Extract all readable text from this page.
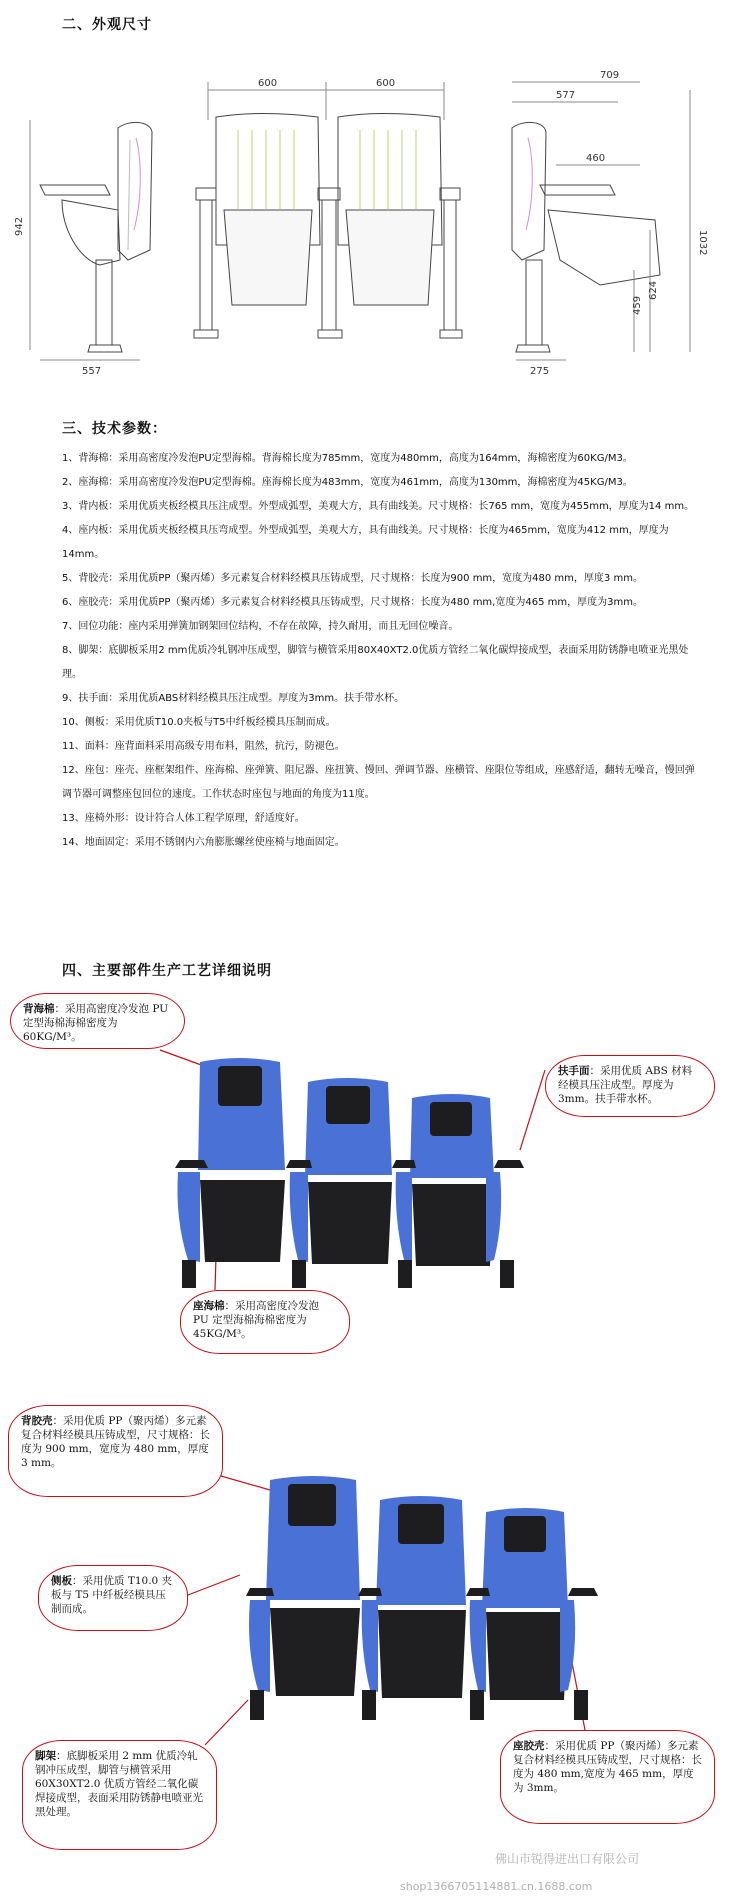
二、外观尺寸
600	600
942
557
709
577
460
1032
624
459
275
三、技术参数：
1、背海棉：采用高密度冷发泡PU定型海棉。背海棉长度为785mm，宽度为480mm，高度为164mm，海棉密度为60KG/M3。
2、座海棉：采用高密度冷发泡PU定型海棉。座海棉长度为483mm，宽度为461mm，高度为130mm，海棉密度为45KG/M3。
3、背内板：采用优质夹板经模具压注成型。外型成弧型，美观大方，具有曲线美。尺寸规格：长765 mm，宽度为455mm，厚度为14 mm。
4、座内板：采用优质夹板经模具压弯成型。外型成弧型，美观大方，具有曲线美。尺寸规格：长度为465mm，宽度为412 mm，厚度为14mm。
5、背胶壳：采用优质PP（聚丙烯）多元素复合材料经模具压铸成型，尺寸规格：长度为900 mm，宽度为480 mm，厚度3 mm。
6、座胶壳：采用优质PP（聚丙烯）多元素复合材料经模具压铸成型，尺寸规格：长度为480 mm,宽度为465 mm，厚度为3mm。
7、回位功能：座内采用弹簧加钢架回位结构，不存在故障，持久耐用，而且无回位噪音。
8、脚架：底脚板采用2 mm优质冷轧钢冲压成型，脚管与横管采用80X40XT2.0优质方管经二氧化碳焊接成型，表面采用防锈静电喷亚光黑处理。
9、扶手面：采用优质ABS材料经模具压注成型。厚度为3mm。扶手带水杯。
10、侧板：采用优质T10.0夹板与T5中纤板经模具压制而成。
11、面料：座背面料采用高级专用布料，阻然，抗污，防褪色。
12、座包：座壳、座框架组件、座海棉、座弹簧、阻尼器、座扭簧、慢回、弹调节器、座横管、座限位等组成，座感舒适，翻转无噪音，慢回弹调节器可调整座包回位的速度。工作状态时座包与地面的角度为11度。
13、座椅外形：设计符合人体工程学原理，舒适度好。
14、地面固定：采用不锈钢内六角膨胀螺丝使座椅与地面固定。
四、主要部件生产工艺详细说明
背海棉：采用高密度冷发泡 PU 定型海棉海棉密度为 60KG/M³。
扶手面：采用优质 ABS 材料经模具压注成型。厚度为 3mm。扶手带水杯。
座海棉：采用高密度冷发泡 PU 定型海棉海棉密度为 45KG/M³。
背胶壳：采用优质 PP（聚丙烯）多元素复合材料经模具压铸成型，尺寸规格：长度为 900 mm，宽度为 480 mm，厚度 3 mm。
侧板：采用优质 T10.0 夹板与 T5 中纤板经模具压制而成。
脚架：底脚板采用 2 mm 优质冷轧钢冲压成型，脚管与横管采用 60X30XT2.0 优质方管经二氧化碳焊接成型，表面采用防锈静电喷亚光黑处理。
座胶壳：采用优质 PP（聚丙烯）多元素复合材料经模具压铸成型，尺寸规格：长度为 480 mm,宽度为 465 mm，厚度为 3mm。
佛山市锐得进出口有限公司
shop1366705114881.cn.1688.com
